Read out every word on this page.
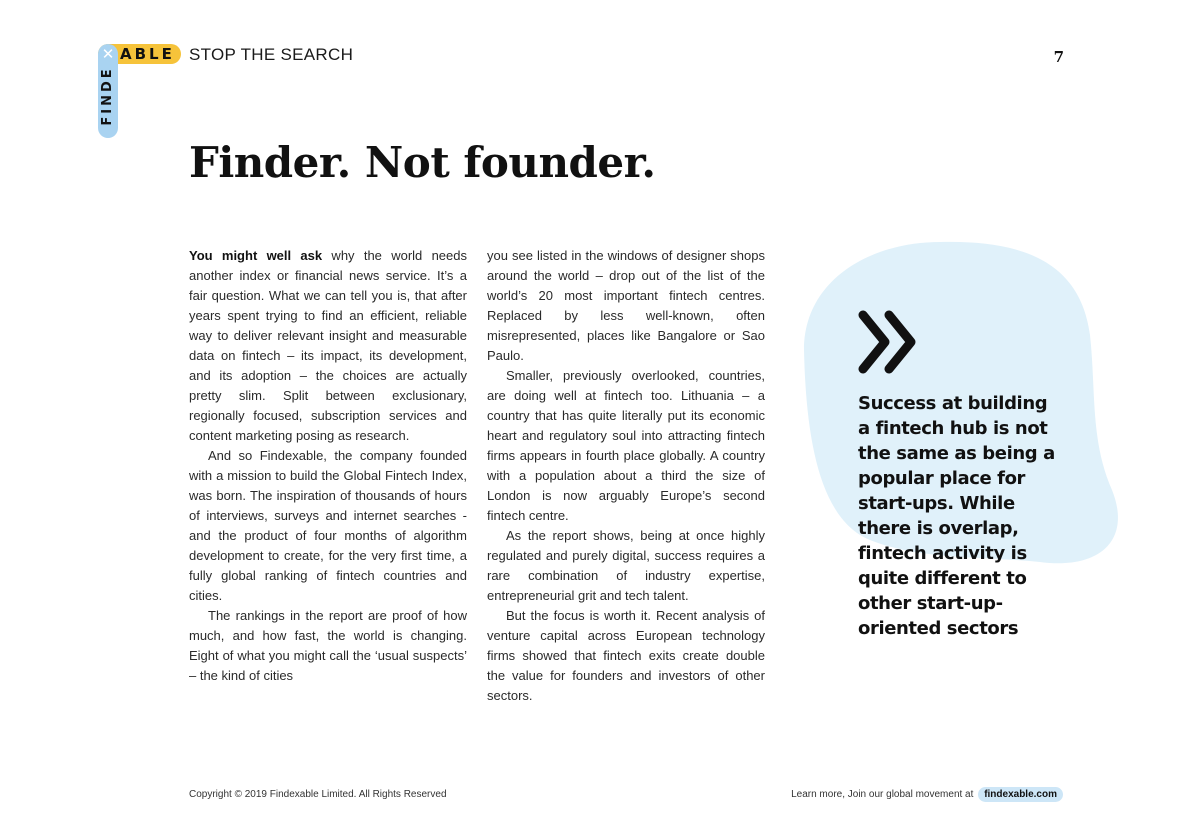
✕ ABLE
FINDE
STOP THE SEARCH	7
Finder. Not founder.

You might well ask why the world needs another index or financial news service. It’s a fair question. What we can tell you is, that after years spent trying to find an efficient, reliable way to deliver relevant insight and measurable data on fintech – its impact, its development, and its adoption – the choices are actually pretty slim. Split between exclusionary, regionally focused, subscription services and content marketing posing as research.

And so Findexable, the company founded with a mission to build the Global Fintech Index, was born. The inspiration of thousands of hours of interviews, surveys and internet searches - and the product of four months of algorithm development to create, for the very first time, a fully global ranking of fintech countries and cities.

The rankings in the report are proof of how much, and how fast, the world is changing. Eight of what you might call the ‘usual suspects’ – the kind of cities

you see listed in the windows of designer shops around the world – drop out of the list of the world’s 20 most important fintech centres. Replaced by less well-known, often misrepresented, places like Bangalore or Sao Paulo.

Smaller, previously overlooked, countries, are doing well at fintech too. Lithuania – a country that has quite literally put its economic heart and regulatory soul into attracting fintech firms appears in fourth place globally. A country with a population about a third the size of London is now arguably Europe’s second fintech centre.

As the report shows, being at once highly regulated and purely digital, success requires a rare combination of industry expertise, entrepreneurial grit and tech talent.

But the focus is worth it. Recent analysis of venture capital across European technology firms showed that fintech exits create double the value for founders and investors of other sectors.

Success at building a fintech hub is not the same as being a popular place for start-ups. While there is overlap, fintech activity is quite different to other start-up-oriented sectors

Copyright © 2019 Findexable Limited. All Rights Reserved	Learn more, Join our global movement at findexable.com
